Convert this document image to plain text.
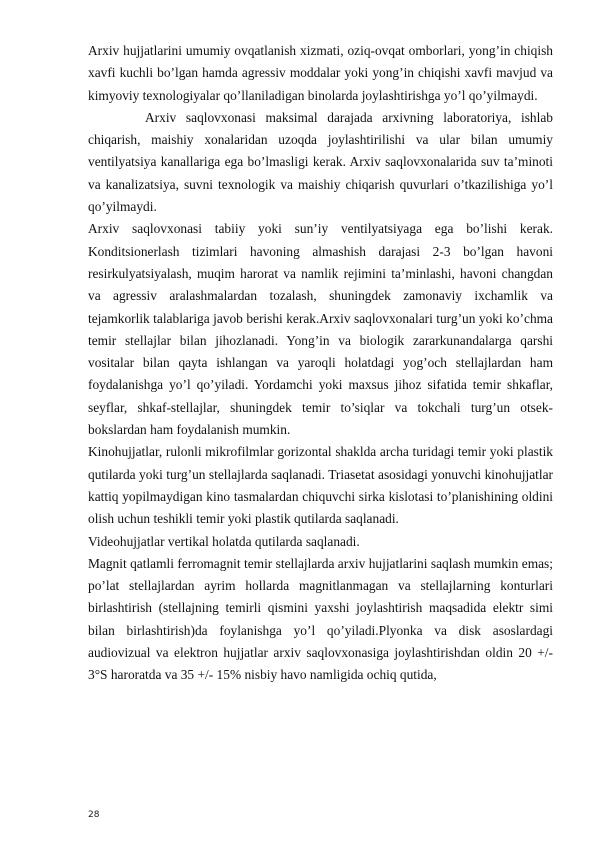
Arxiv hujjatlarini umumiy ovqatlanish xizmati, oziq-ovqat omborlari, yong’in chiqish xavfi kuchli bo’lgan hamda agressiv moddalar yoki yong’in chiqishi xavfi mavjud va kimyoviy texnologiyalar qo’llaniladigan binolarda joylashtirishga yo’l qo’yilmaydi.

Arxiv saqlovxonasi maksimal darajada arxivning laboratoriya, ishlab chiqarish, maishiy xonalaridan uzoqda joylashtirilishi va ular bilan umumiy ventilyatsiya kanallariga ega bo’lmasligi kerak. Arxiv saqlovxonalarida suv ta’minoti va kanalizatsiya, suvni texnologik va maishiy chiqarish quvurlari o’tkazilishiga yo’l qo’yilmaydi.

Arxiv saqlovxonasi tabiiy yoki sun’iy ventilyatsiyaga ega bo’lishi kerak. Konditsionerlash tizimlari havoning almashish darajasi 2-3 bo’lgan havoni resirkulyatsiyalash, muqim harorat va namlik rejimini ta’minlashi, havoni changdan va agressiv aralashmalardan tozalash, shuningdek zamonaviy ixchamlik va tejamkorlik talablariga javob berishi kerak.Arxiv saqlovxonalari turg’un yoki ko’chma temir stellajlar bilan jihozlanadi. Yong’in va biologik zararkunandalarga qarshi vositalar bilan qayta ishlangan va yaroqli holatdagi yog’och stellajlardan ham foydalanishga yo’l qo’yiladi. Yordamchi yoki maxsus jihoz sifatida temir shkaflar, seyflar, shkaf-stellajlar, shuningdek temir to’siqlar va tokchali turg’un otsek-bokslardan ham foydalanish mumkin.

Kinohujjatlar, rulonli mikrofilmlar gorizontal shaklda archa turidagi temir yoki plastik qutilarda yoki turg’un stellajlarda saqlanadi. Triasetat asosidagi yonuvchi kinohujjatlar kattiq yopilmaydigan kino tasmalardan chiquvchi sirka kislotasi to’planishining oldini olish uchun teshikli temir yoki plastik qutilarda saqlanadi.

Videohujjatlar vertikal holatda qutilarda saqlanadi.

Magnit qatlamli ferromagnit temir stellajlarda arxiv hujjatlarini saqlash mumkin emas; po’lat stellajlardan ayrim hollarda magnitlanmagan va stellajlarning konturlari birlashtirish (stellajning temirli qismini yaxshi joylashtirish maqsadida elektr simi bilan birlashtirish)da foylanishga yo’l qo’yiladi.Plyonka va disk asoslardagi audiovizual va elektron hujjatlar arxiv saqlovxonasiga joylashtirishdan oldin 20 +/- 3°S haroratda va 35 +/- 15% nisbiy havo namligida ochiq qutida,

28
